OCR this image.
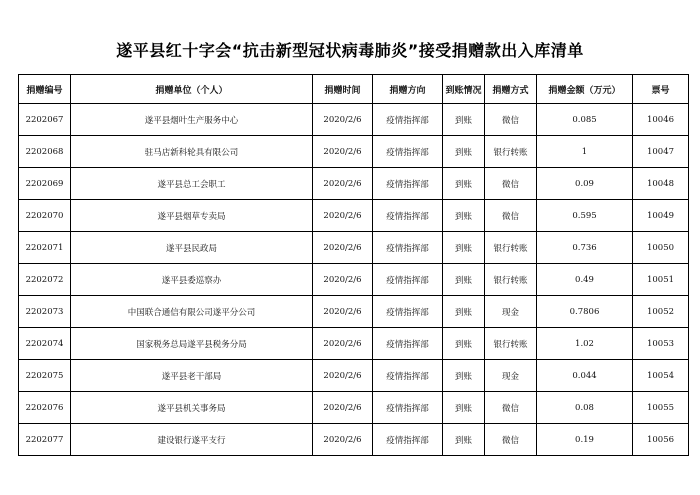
遂平县红十字会“抗击新型冠状病毒肺炎”接受捐赠款出入库清单
捐赠编号	捐赠单位（个人）	捐赠时间	捐赠方向	到账情况	捐赠方式	捐赠金额（万元）	票号
2202067	遂平县烟叶生产服务中心	2020/2/6	疫情指挥部	到账	微信	0.085	10046
2202068	驻马店新科轮具有限公司	2020/2/6	疫情指挥部	到账	银行转账	1	10047
2202069	遂平县总工会职工	2020/2/6	疫情指挥部	到账	微信	0.09	10048
2202070	遂平县烟草专卖局	2020/2/6	疫情指挥部	到账	微信	0.595	10049
2202071	遂平县民政局	2020/2/6	疫情指挥部	到账	银行转账	0.736	10050
2202072	遂平县委巡察办	2020/2/6	疫情指挥部	到账	银行转账	0.49	10051
2202073	中国联合通信有限公司遂平分公司	2020/2/6	疫情指挥部	到账	现金	0.7806	10052
2202074	国家税务总局遂平县税务分局	2020/2/6	疫情指挥部	到账	银行转账	1.02	10053
2202075	遂平县老干部局	2020/2/6	疫情指挥部	到账	现金	0.044	10054
2202076	遂平县机关事务局	2020/2/6	疫情指挥部	到账	微信	0.08	10055
2202077	建设银行遂平支行	2020/2/6	疫情指挥部	到账	微信	0.19	10056
